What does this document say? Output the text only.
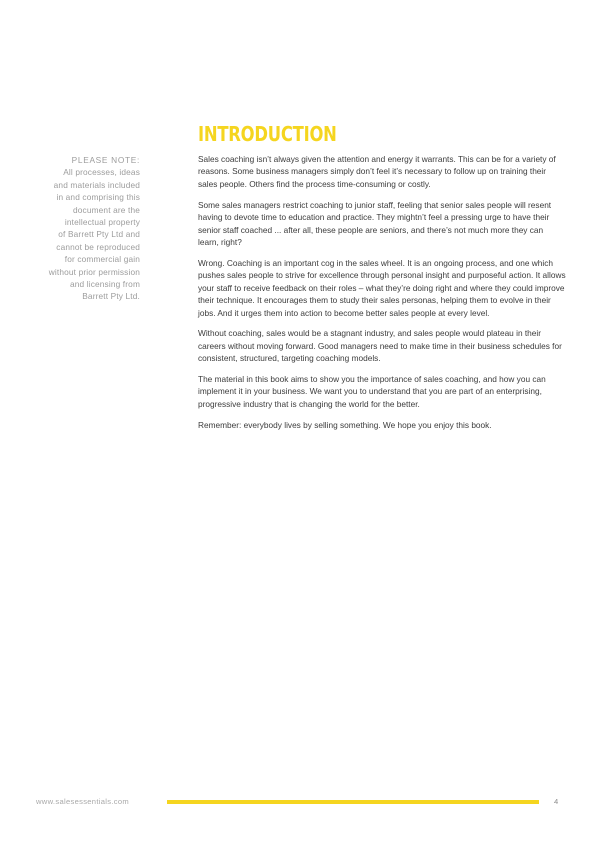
PLEASE NOTE:
All processes, ideas
and materials included
in and comprising this
document are the
intellectual property
of Barrett Pty Ltd and
cannot be reproduced
for commercial gain
without prior permission
and licensing from
Barrett Pty Ltd.
INTRODUCTION

Sales coaching isn’t always given the attention and energy it warrants. This can be for a variety of reasons. Some business managers simply don’t feel it’s necessary to follow up on training their sales people. Others find the process time-consuming or costly.

Some sales managers restrict coaching to junior staff, feeling that senior sales people will resent having to devote time to education and practice. They mightn’t feel a pressing urge to have their senior staff coached ... after all, these people are seniors, and there’s not much more they can learn, right?

Wrong. Coaching is an important cog in the sales wheel. It is an ongoing process, and one which pushes sales people to strive for excellence through personal insight and purposeful action. It allows your staff to receive feedback on their roles – what they’re doing right and where they could improve their technique. It encourages them to study their sales personas, helping them to evolve in their jobs. And it urges them into action to become better sales people at every level.

Without coaching, sales would be a stagnant industry, and sales people would plateau in their careers without moving forward. Good managers need to make time in their business schedules for consistent, structured, targeting coaching models.

The material in this book aims to show you the importance of sales coaching, and how you can implement it in your business. We want you to understand that you are part of an enterprising, progressive industry that is changing the world for the better.

Remember: everybody lives by selling something. We hope you enjoy this book.

www.salesessentials.com	4
